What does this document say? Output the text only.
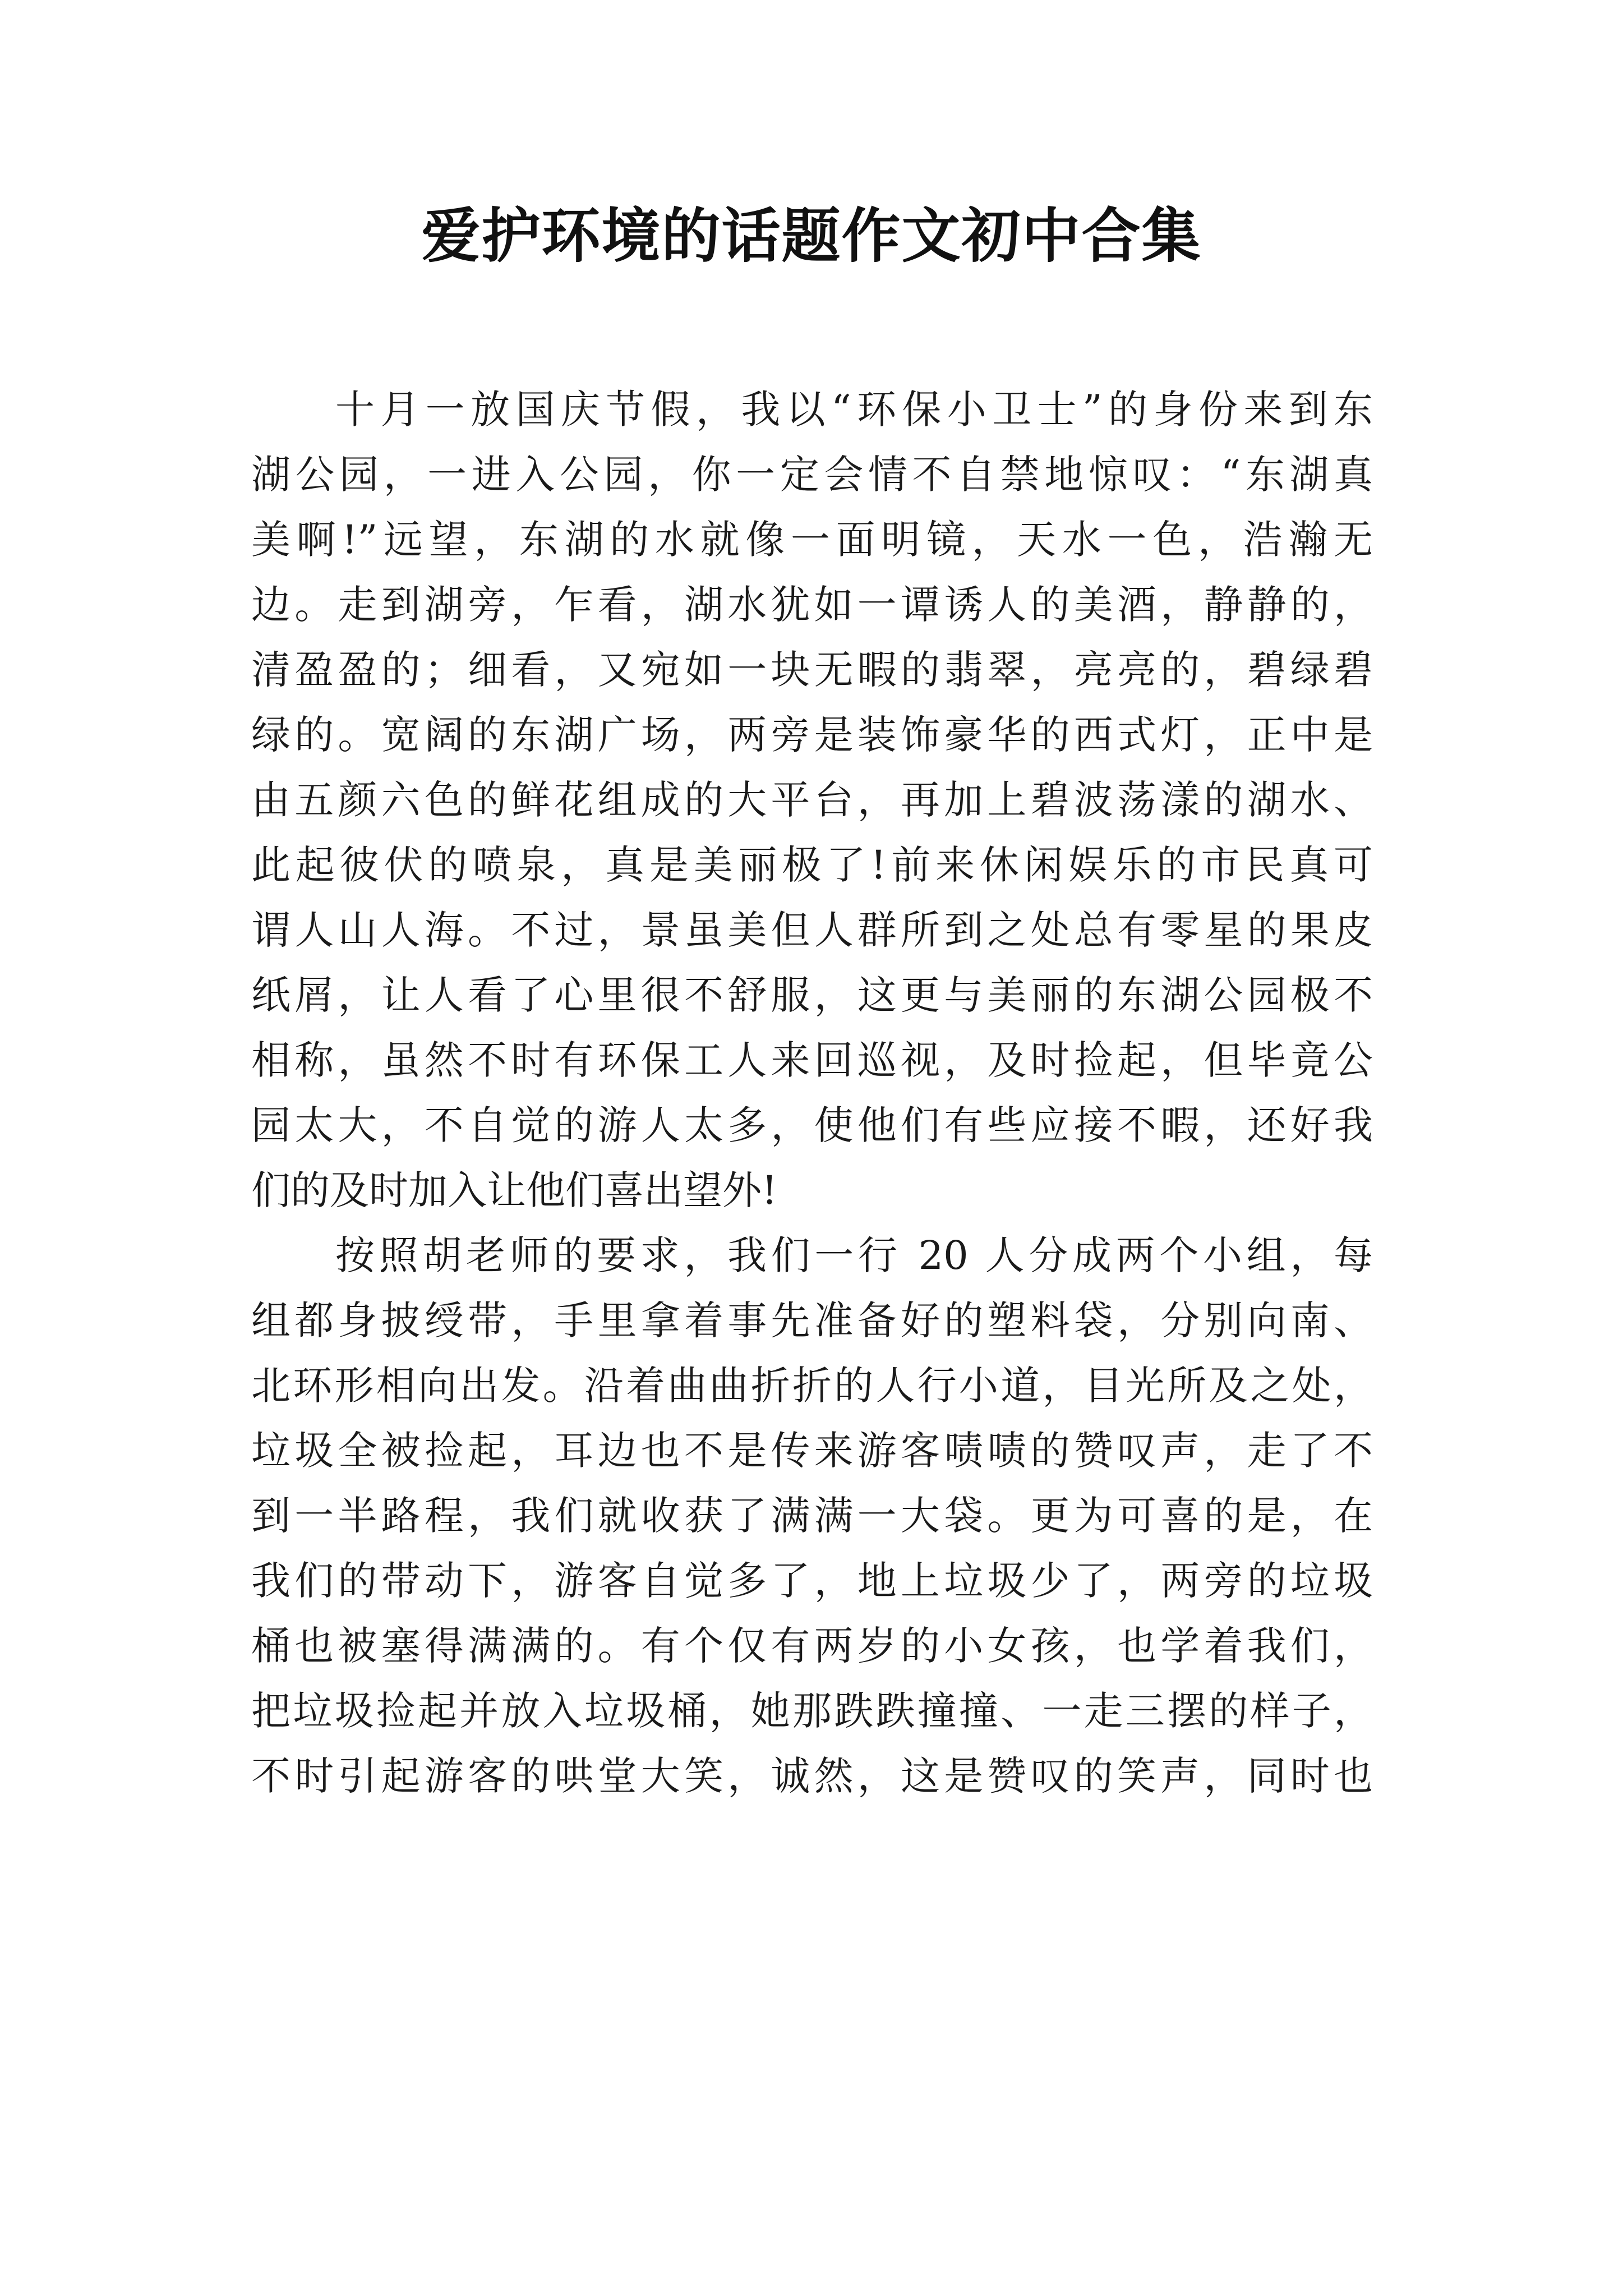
爱护环境的话题作文初中合集
十月一放国庆节假，我以“环保小卫士”的身份来到东
湖公园，一进入公园，你一定会情不自禁地惊叹：“东湖真
美啊!”远望，东湖的水就像一面明镜，天水一色，浩瀚无
边。走到湖旁，乍看，湖水犹如一谭诱人的美酒，静静的，
清盈盈的；细看，又宛如一块无暇的翡翠，亮亮的，碧绿碧
绿的。宽阔的东湖广场，两旁是装饰豪华的西式灯，正中是
由五颜六色的鲜花组成的大平台，再加上碧波荡漾的湖水、
此起彼伏的喷泉，真是美丽极了!前来休闲娱乐的市民真可
谓人山人海。不过，景虽美但人群所到之处总有零星的果皮
纸屑，让人看了心里很不舒服，这更与美丽的东湖公园极不
相称，虽然不时有环保工人来回巡视，及时捡起，但毕竟公
园太大，不自觉的游人太多，使他们有些应接不暇，还好我
们的及时加入让他们喜出望外!
按照胡老师的要求，我们一行 20 人分成两个小组，每
组都身披绶带，手里拿着事先准备好的塑料袋，分别向南、
北环形相向出发。沿着曲曲折折的人行小道，目光所及之处，
垃圾全被捡起，耳边也不是传来游客啧啧的赞叹声，走了不
到一半路程，我们就收获了满满一大袋。更为可喜的是，在
我们的带动下，游客自觉多了，地上垃圾少了，两旁的垃圾
桶也被塞得满满的。有个仅有两岁的小女孩，也学着我们，
把垃圾捡起并放入垃圾桶，她那跌跌撞撞、一走三摆的样子，
不时引起游客的哄堂大笑，诚然，这是赞叹的笑声，同时也
